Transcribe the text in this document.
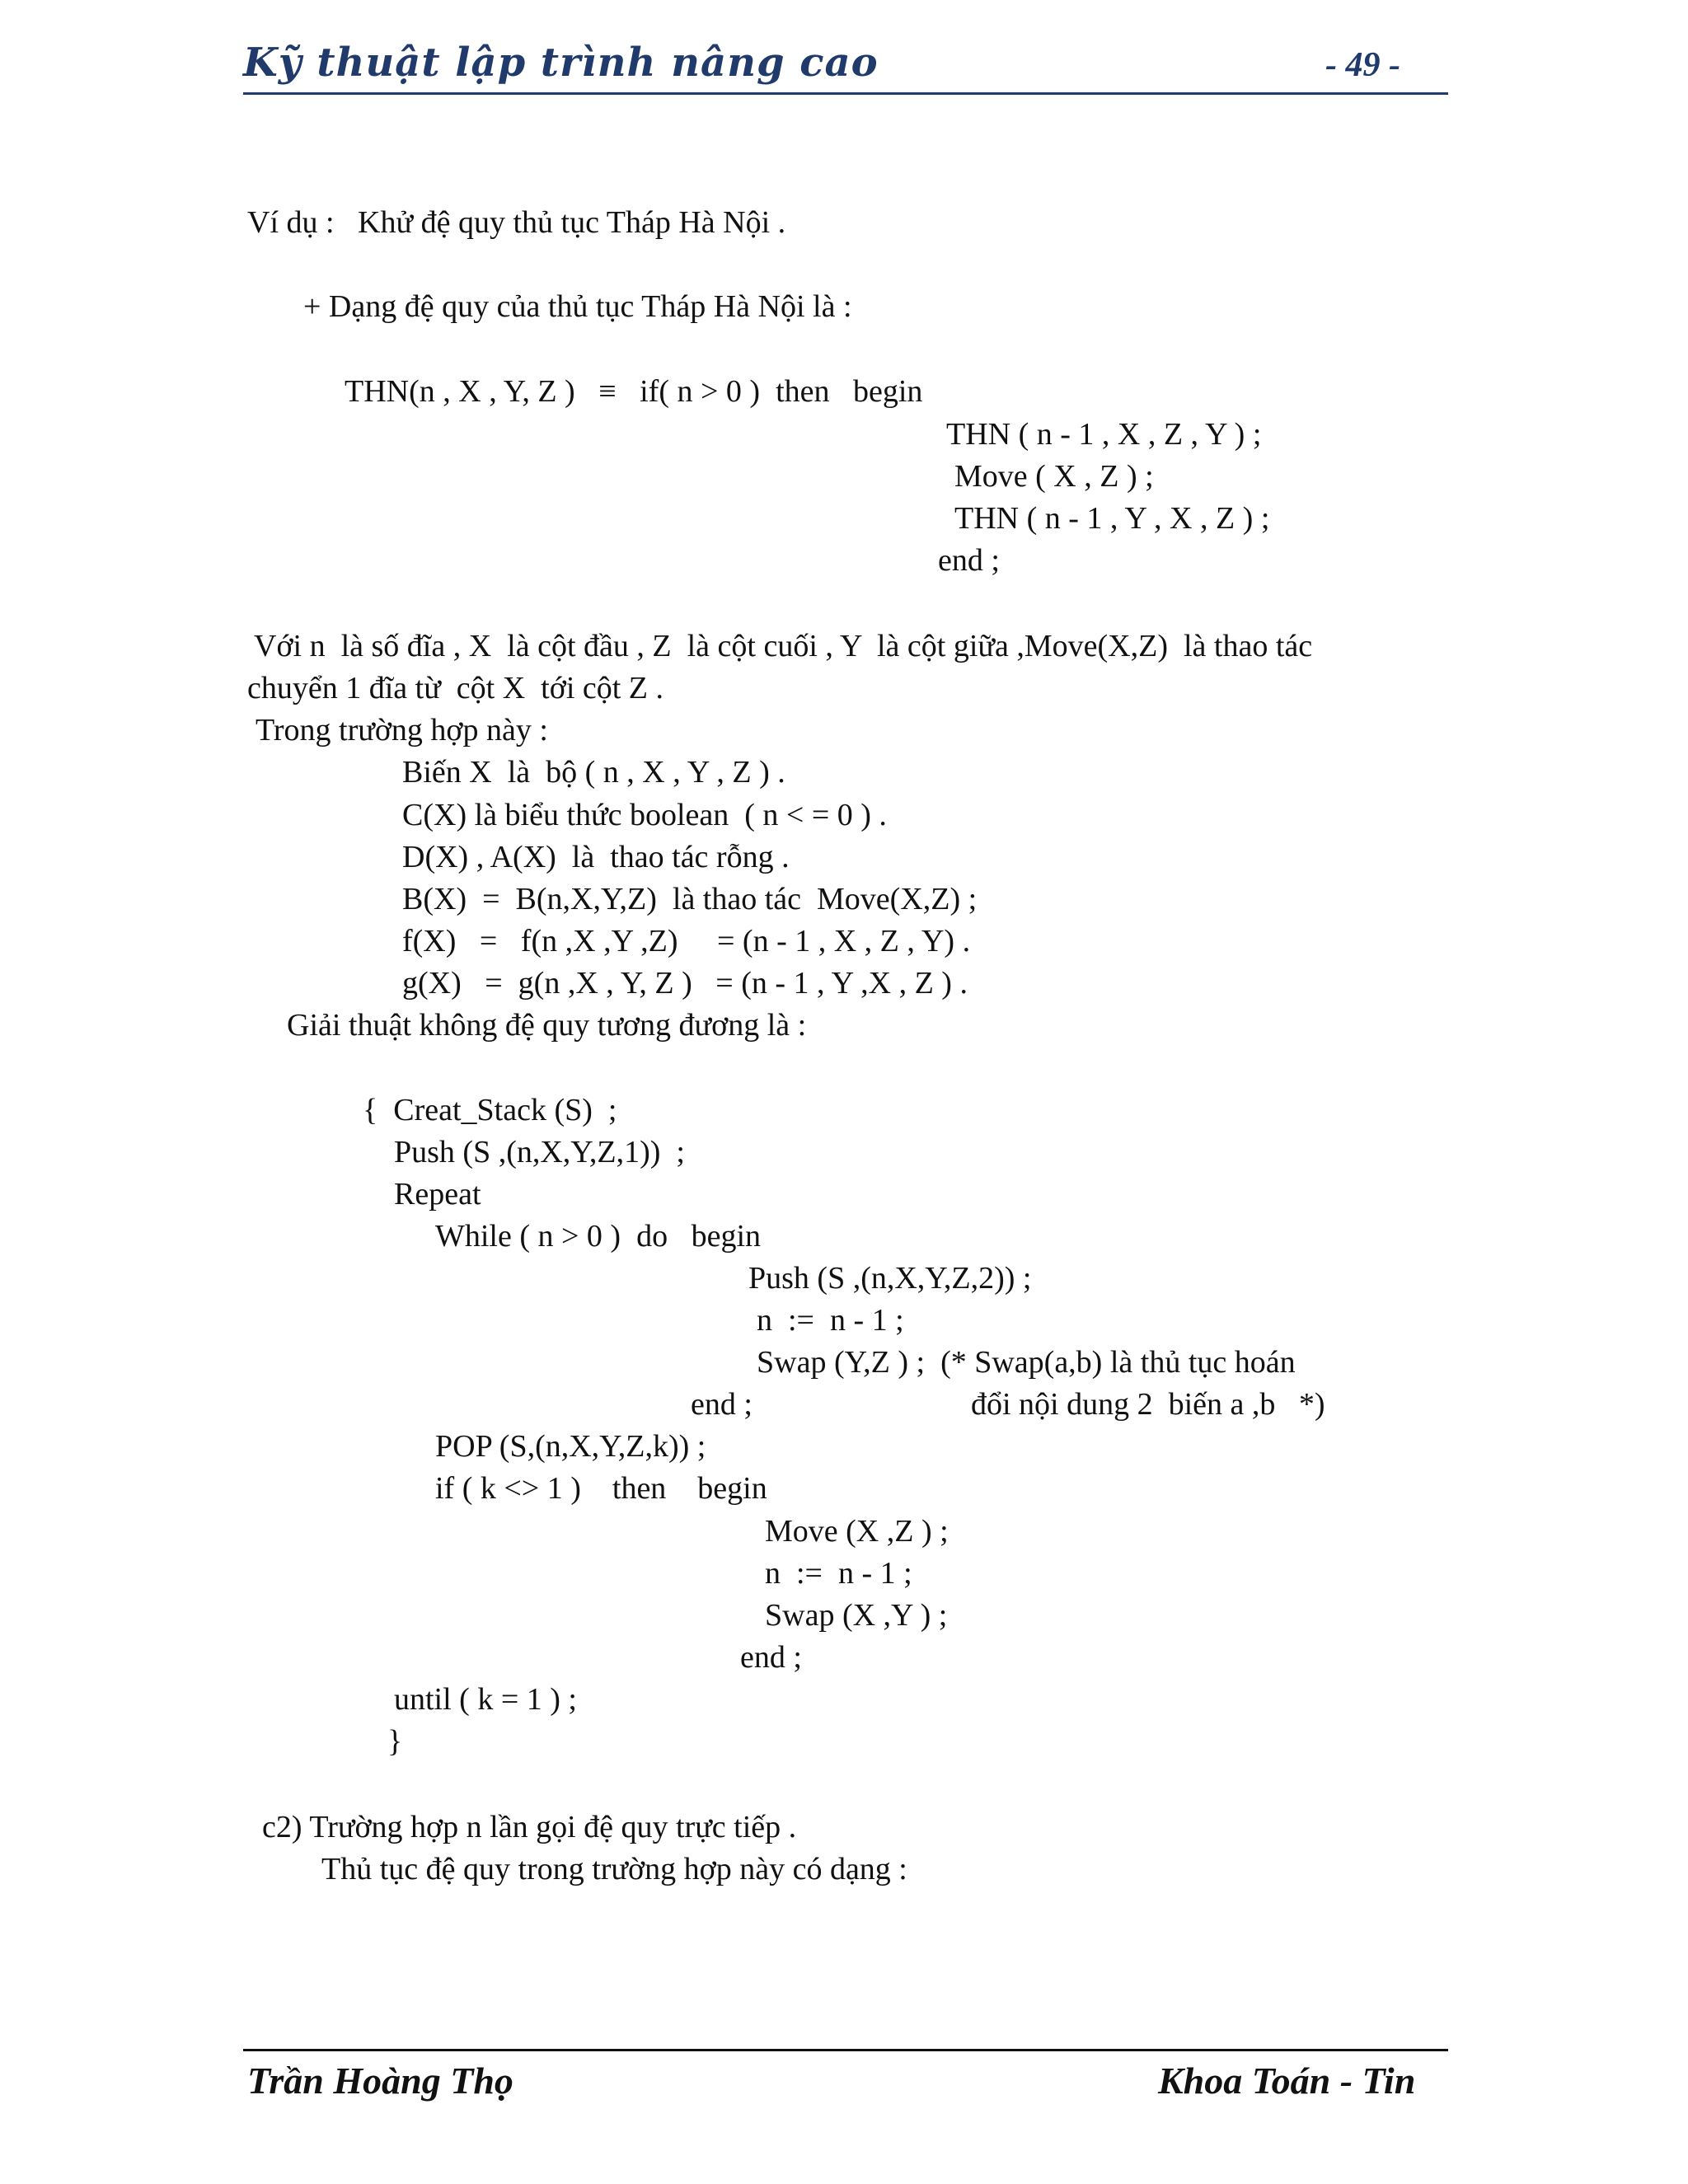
Kỹ thuật lập trình nâng cao	- 49 -
Ví dụ :   Khử đệ quy thủ tục Tháp Hà Nội .
+ Dạng đệ quy của thủ tục Tháp Hà Nội là :
THN(n , X , Y, Z )   ≡   if( n > 0 )  then   begin
THN ( n - 1 , X , Z , Y ) ;
Move ( X , Z ) ;
THN ( n - 1 , Y , X , Z ) ;
end ;
Với n  là số đĩa , X  là cột đầu , Z  là cột cuối , Y  là cột giữa ,Move(X,Z)  là thao tác
chuyển 1 đĩa từ  cột X  tới cột Z .
Trong trường hợp này :
Biến X  là  bộ ( n , X , Y , Z ) .
C(X) là biểu thức boolean  ( n < = 0 ) .
D(X) , A(X)  là  thao tác rỗng .
B(X)  =  B(n,X,Y,Z)  là thao tác  Move(X,Z) ;
f(X)   =   f(n ,X ,Y ,Z)     = (n - 1 , X , Z , Y) .
g(X)   =  g(n ,X , Y, Z )   = (n - 1 , Y ,X , Z ) .
Giải thuật không đệ quy tương đương là :
{  Creat_Stack (S)  ;
Push (S ,(n,X,Y,Z,1))  ;
Repeat
While ( n > 0 )  do   begin
Push (S ,(n,X,Y,Z,2)) ;
n  :=  n - 1 ;
Swap (Y,Z ) ;  (* Swap(a,b) là thủ tục hoán
end ;	đổi nội dung 2  biến a ,b   *)
POP (S,(n,X,Y,Z,k)) ;
if ( k <> 1 )    then    begin
Move (X ,Z ) ;
n  :=  n - 1 ;
Swap (X ,Y ) ;
end ;
until ( k = 1 ) ;
}
c2) Trường hợp n lần gọi đệ quy trực tiếp .
Thủ tục đệ quy trong trường hợp này có dạng :
Trần Hoàng Thọ	Khoa Toán - Tin
